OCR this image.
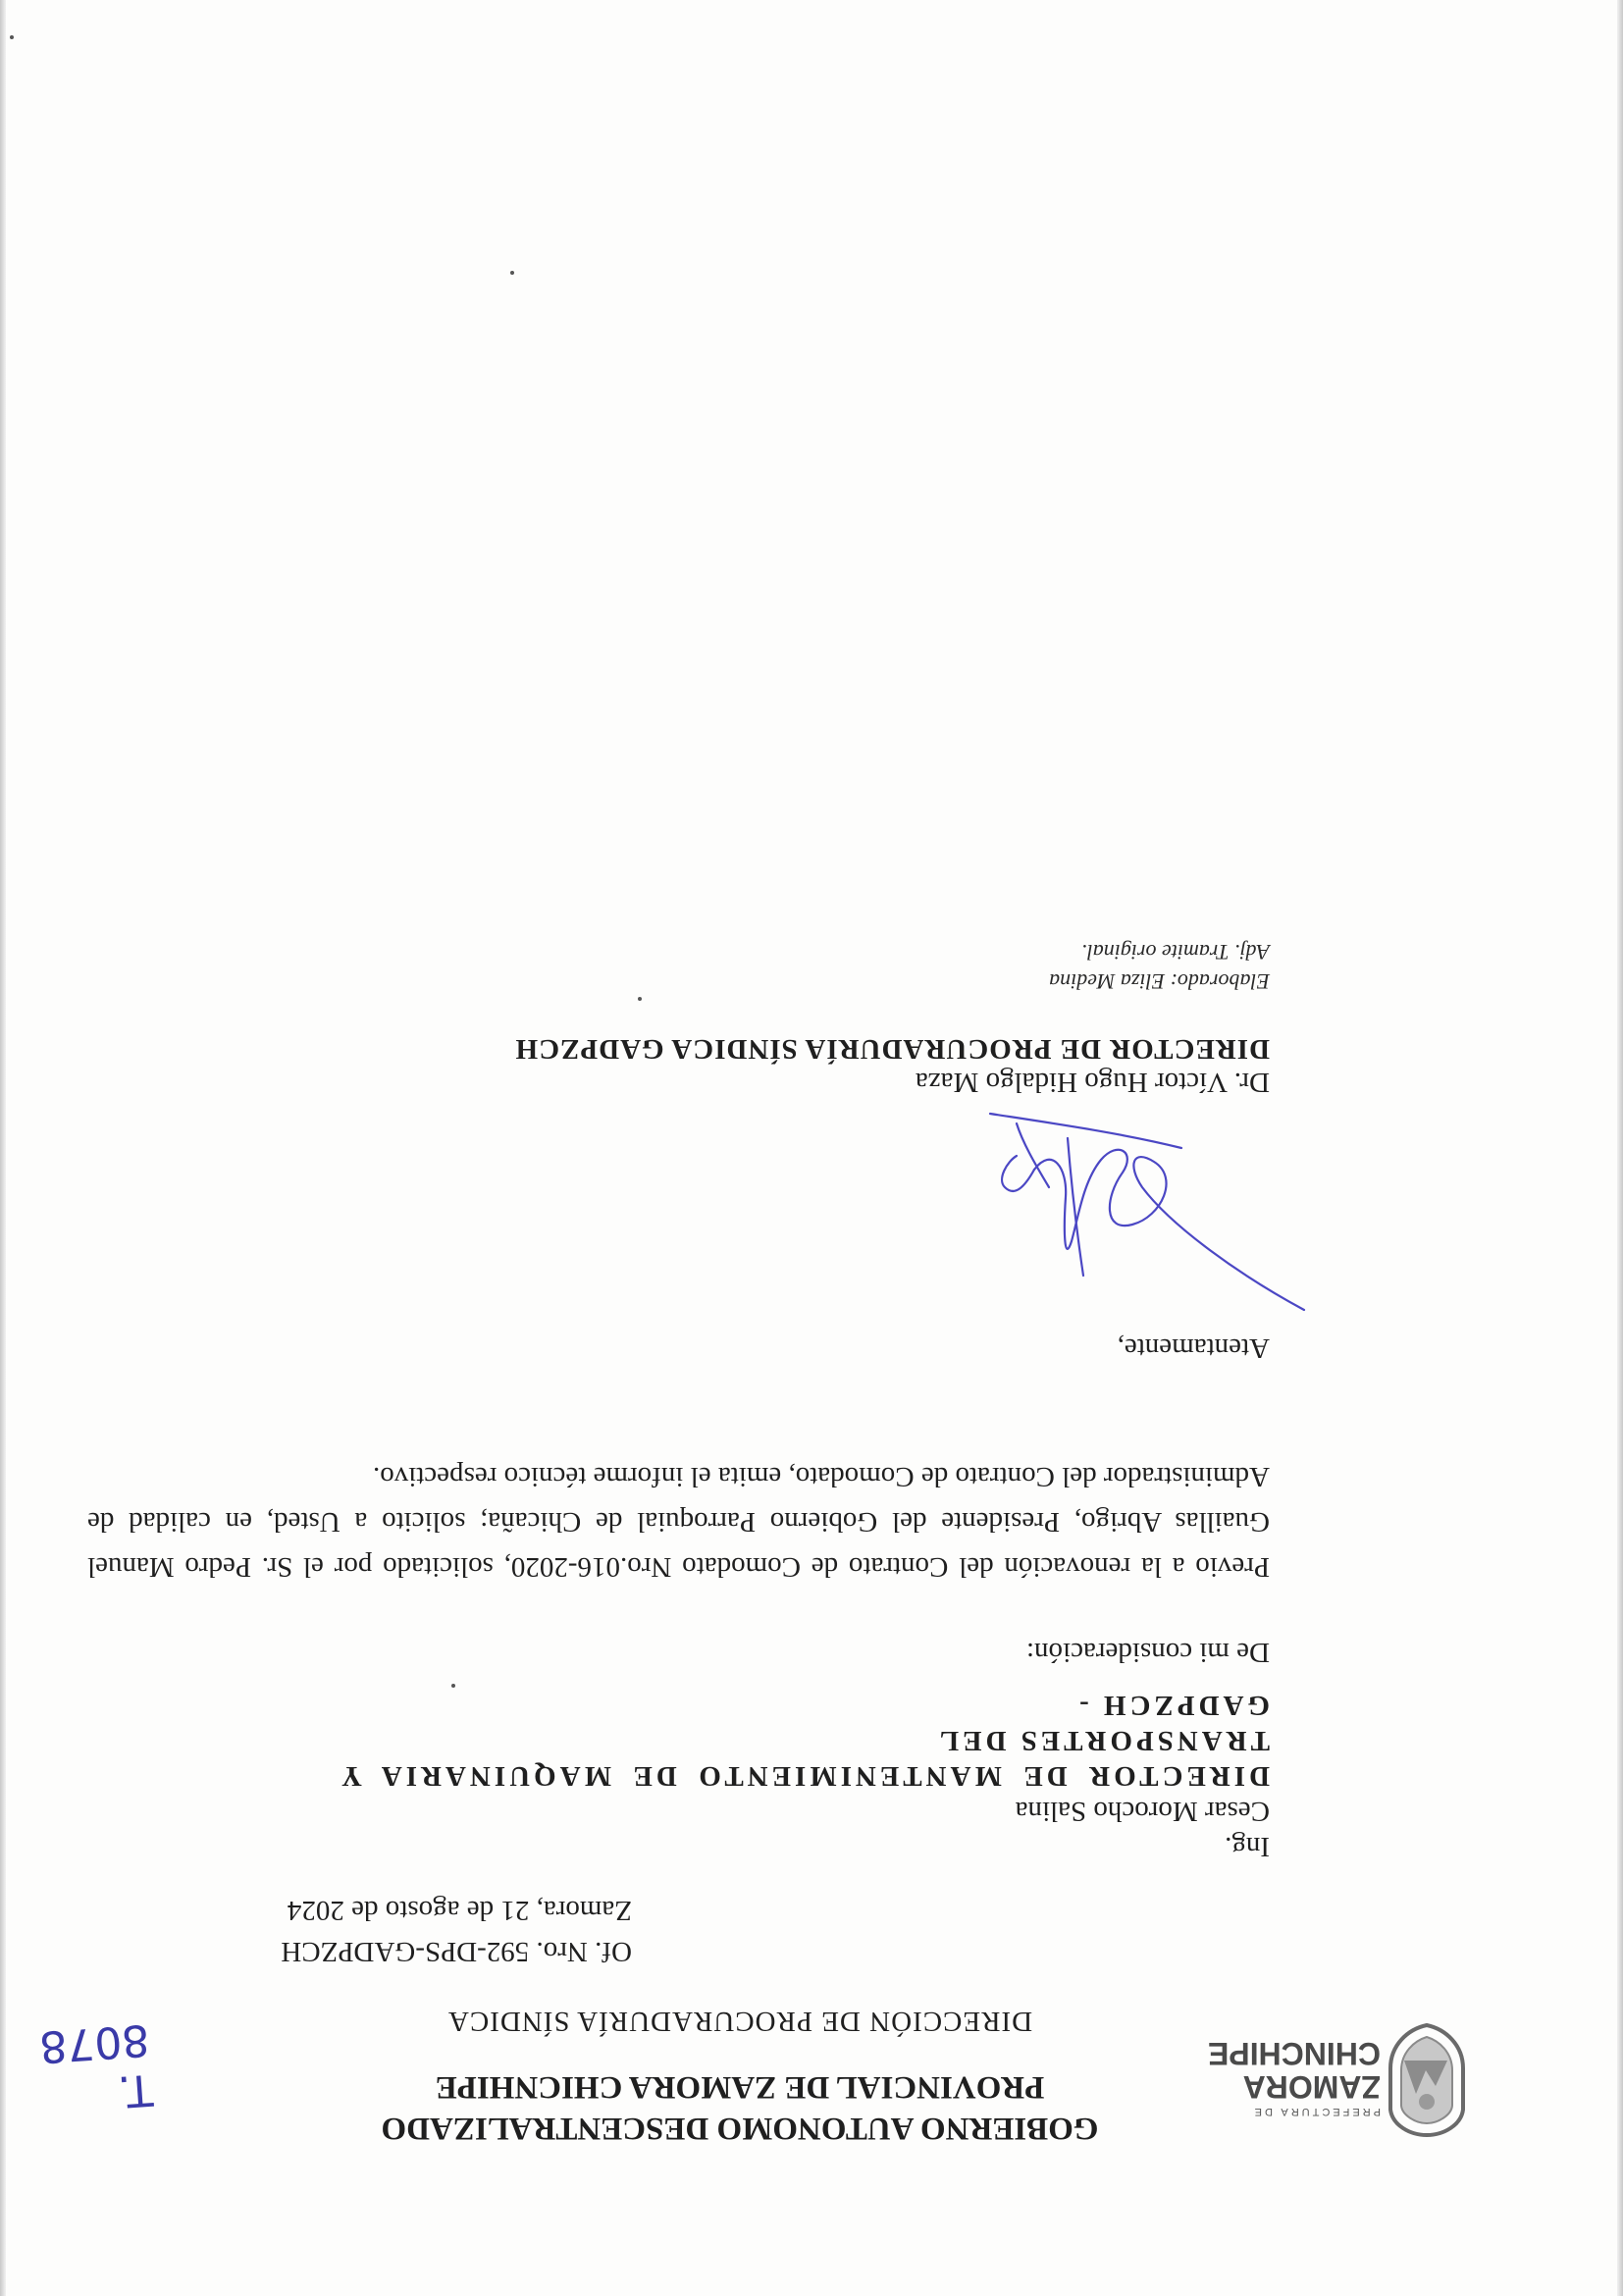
PREFECTURA DE
ZAMORA
CHINCHIPE
GOBIERNO AUTONOMO DESCENTRALIZADO
PROVINCIAL DE ZAMORA CHICNHIPE
DIRECCIÓN DE PROCURADURÍA SÍNDICA
T. 8078
Of. Nro. 592-DPS-GADPZCH
Zamora, 21 de agosto de 2024
Ing.
Cesar Morocho Salina
DIRECTOR DE MANTENIMIENTO DE MAQUINARIA Y TRANSPORTES DEL
GADPZCH -
De mi consideración:
Previo a la renovación del Contrato de Comodato Nro.016-2020, solicitado por el Sr. Pedro Manuel Guaillas Abrigo, Presidente del Gobierno Parroquial de Chicaña; solicito a Usted, en calidad de Administrador del Contrato de Comodato, emita el informe técnico respectivo.
Atentamente,
Dr. Víctor Hugo Hidalgo Maza
DIRECTOR DE PROCURADURÍA SÍNDICA GADPZCH
Elaborado: Eliza Medina
Adj. Tramite original.
